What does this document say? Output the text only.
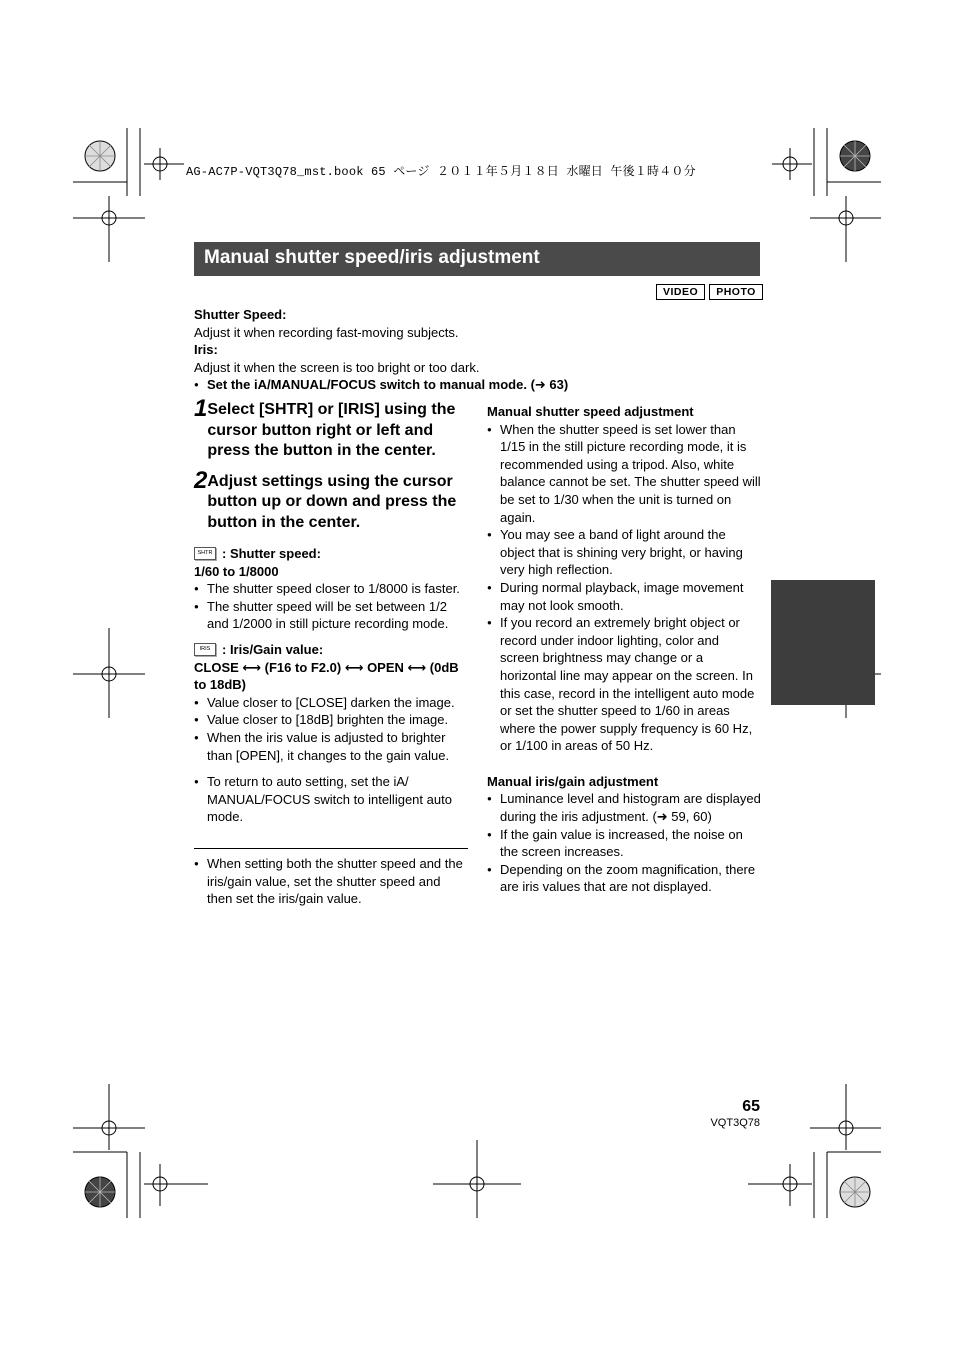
AG-AC7P-VQT3Q78_mst.book 65 ページ ２０１１年５月１８日 水曜日 午後１時４０分
Manual shutter speed/iris adjustment
VIDEO	PHOTO
Shutter Speed:
Adjust it when recording fast-moving subjects.
Iris:
Adjust it when the screen is too bright or too dark.
● Set the iA/MANUAL/FOCUS switch to manual mode. (➜ 63)
1 Select [SHTR] or [IRIS] using the cursor button right or left and press the button in the center.
2 Adjust settings using the cursor button up or down and press the button in the center.
SHTR : Shutter speed:
1/60 to 1/8000
● The shutter speed closer to 1/8000 is faster.
● The shutter speed will be set between 1/2 and 1/2000 in still picture recording mode.
IRIS : Iris/Gain value:
CLOSE ⟷ (F16 to F2.0) ⟷ OPEN ⟷ (0dB to 18dB)
● Value closer to [CLOSE] darken the image.
● Value closer to [18dB] brighten the image.
● When the iris value is adjusted to brighter than [OPEN], it changes to the gain value.
● To return to auto setting, set the iA/ MANUAL/FOCUS switch to intelligent auto mode.
● When setting both the shutter speed and the iris/gain value, set the shutter speed and then set the iris/gain value.
Manual shutter speed adjustment
● When the shutter speed is set lower than 1/15 in the still picture recording mode, it is recommended using a tripod. Also, white balance cannot be set. The shutter speed will be set to 1/30 when the unit is turned on again.
● You may see a band of light around the object that is shining very bright, or having very high reflection.
● During normal playback, image movement may not look smooth.
● If you record an extremely bright object or record under indoor lighting, color and screen brightness may change or a horizontal line may appear on the screen. In this case, record in the intelligent auto mode or set the shutter speed to 1/60 in areas where the power supply frequency is 60 Hz, or 1/100 in areas of 50 Hz.
Manual iris/gain adjustment
● Luminance level and histogram are displayed during the iris adjustment. (➜ 59, 60)
● If the gain value is increased, the noise on the screen increases.
● Depending on the zoom magnification, there are iris values that are not displayed.
65
VQT3Q78
